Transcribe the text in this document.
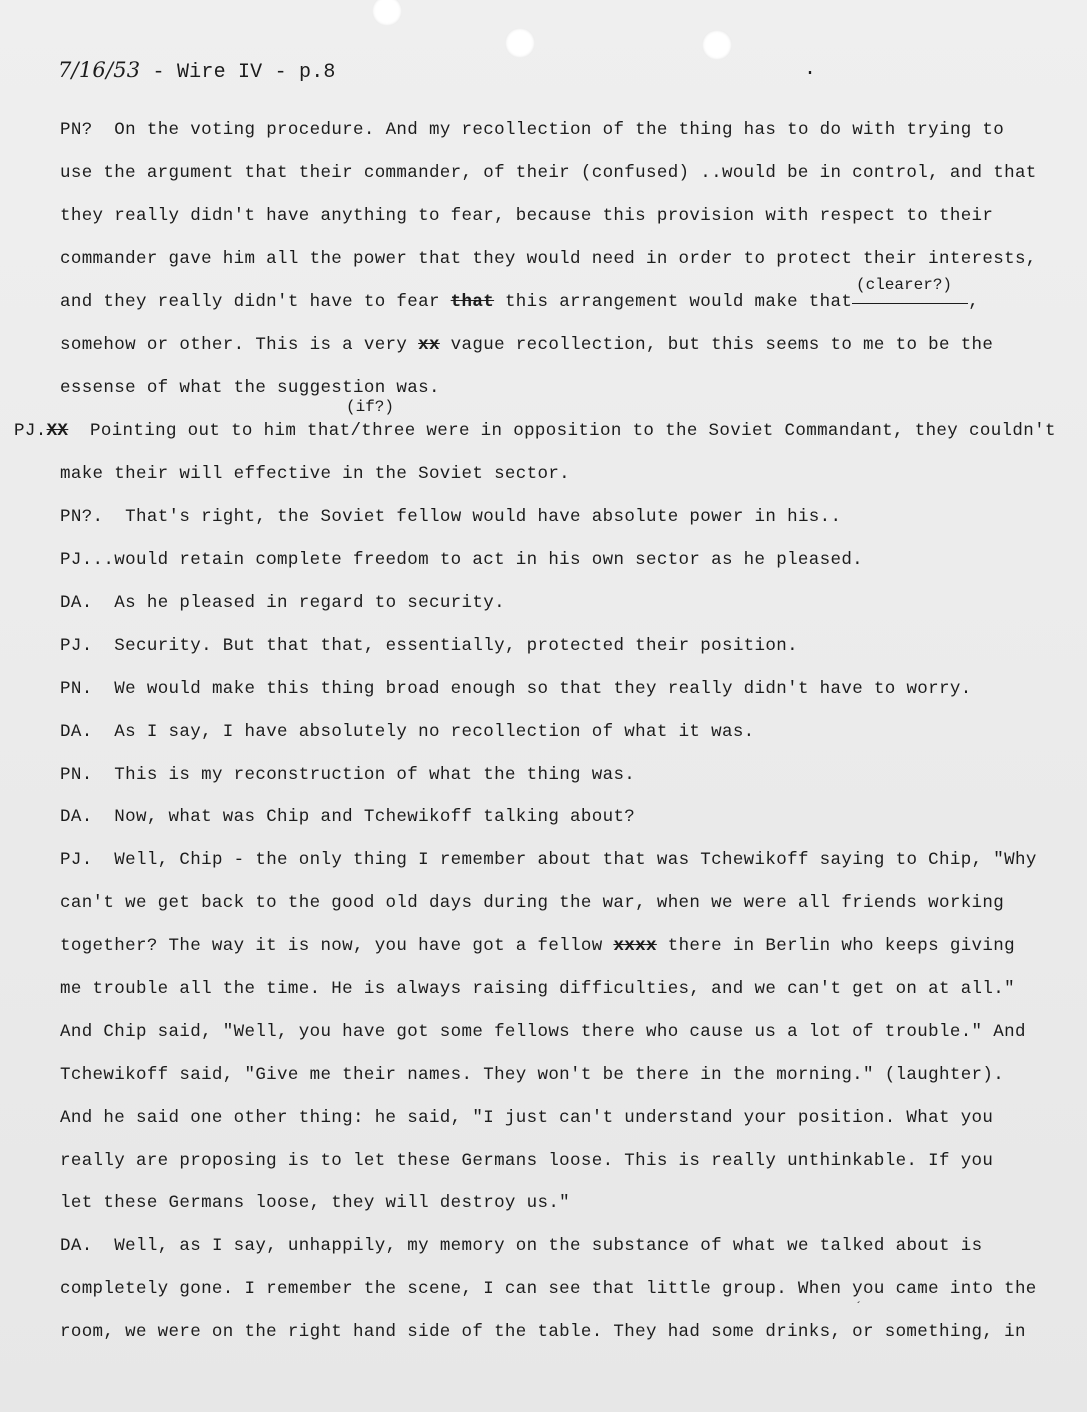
7/16/53 - Wire IV - p.8	.
PN? On the voting procedure. And my recollection of the thing has to do with trying to
use the argument that their commander, of their (confused) ..would be in control, and that
they really didn't have anything to fear, because this provision with respect to their
commander gave him all the power that they would need in order to protect their interests,
(clearer?)
and they really didn't have to fear that this arrangement would make that	,
somehow or other. This is a very xx vague recollection, but this seems to me to be the
essense of what the suggestion was.
(if?)
PJ.XX Pointing out to him that/three were in opposition to the Soviet Commandant, they couldn't
make their will effective in the Soviet sector.
PN?. That's right, the Soviet fellow would have absolute power in his..
PJ...would retain complete freedom to act in his own sector as he pleased.
DA. As he pleased in regard to security.
PJ. Security. But that that, essentially, protected their position.
PN. We would make this thing broad enough so that they really didn't have to worry.
DA. As I say, I have absolutely no recollection of what it was.
PN. This is my reconstruction of what the thing was.
DA. Now, what was Chip and Tchewikoff talking about?
PJ. Well, Chip - the only thing I remember about that was Tchewikoff saying to Chip, "Why
can't we get back to the good old days during the war, when we were all friends working
together? The way it is now, you have got a fellow xxxx there in Berlin who keeps giving
me trouble all the time. He is always raising difficulties, and we can't get on at all."
And Chip said, "Well, you have got some fellows there who cause us a lot of trouble." And
Tchewikoff said, "Give me their names. They won't be there in the morning." (laughter).
And he said one other thing: he said, "I just can't understand your position. What you
really are proposing is to let these Germans loose. This is really unthinkable. If you
let these Germans loose, they will destroy us."
DA. Well, as I say, unhappily, my memory on the substance of what we talked about is
completely gone. I remember the scene, I can see that little group. When you came into the
room, we were on the right hand side of the table. They had some drinks, or something, in
´
